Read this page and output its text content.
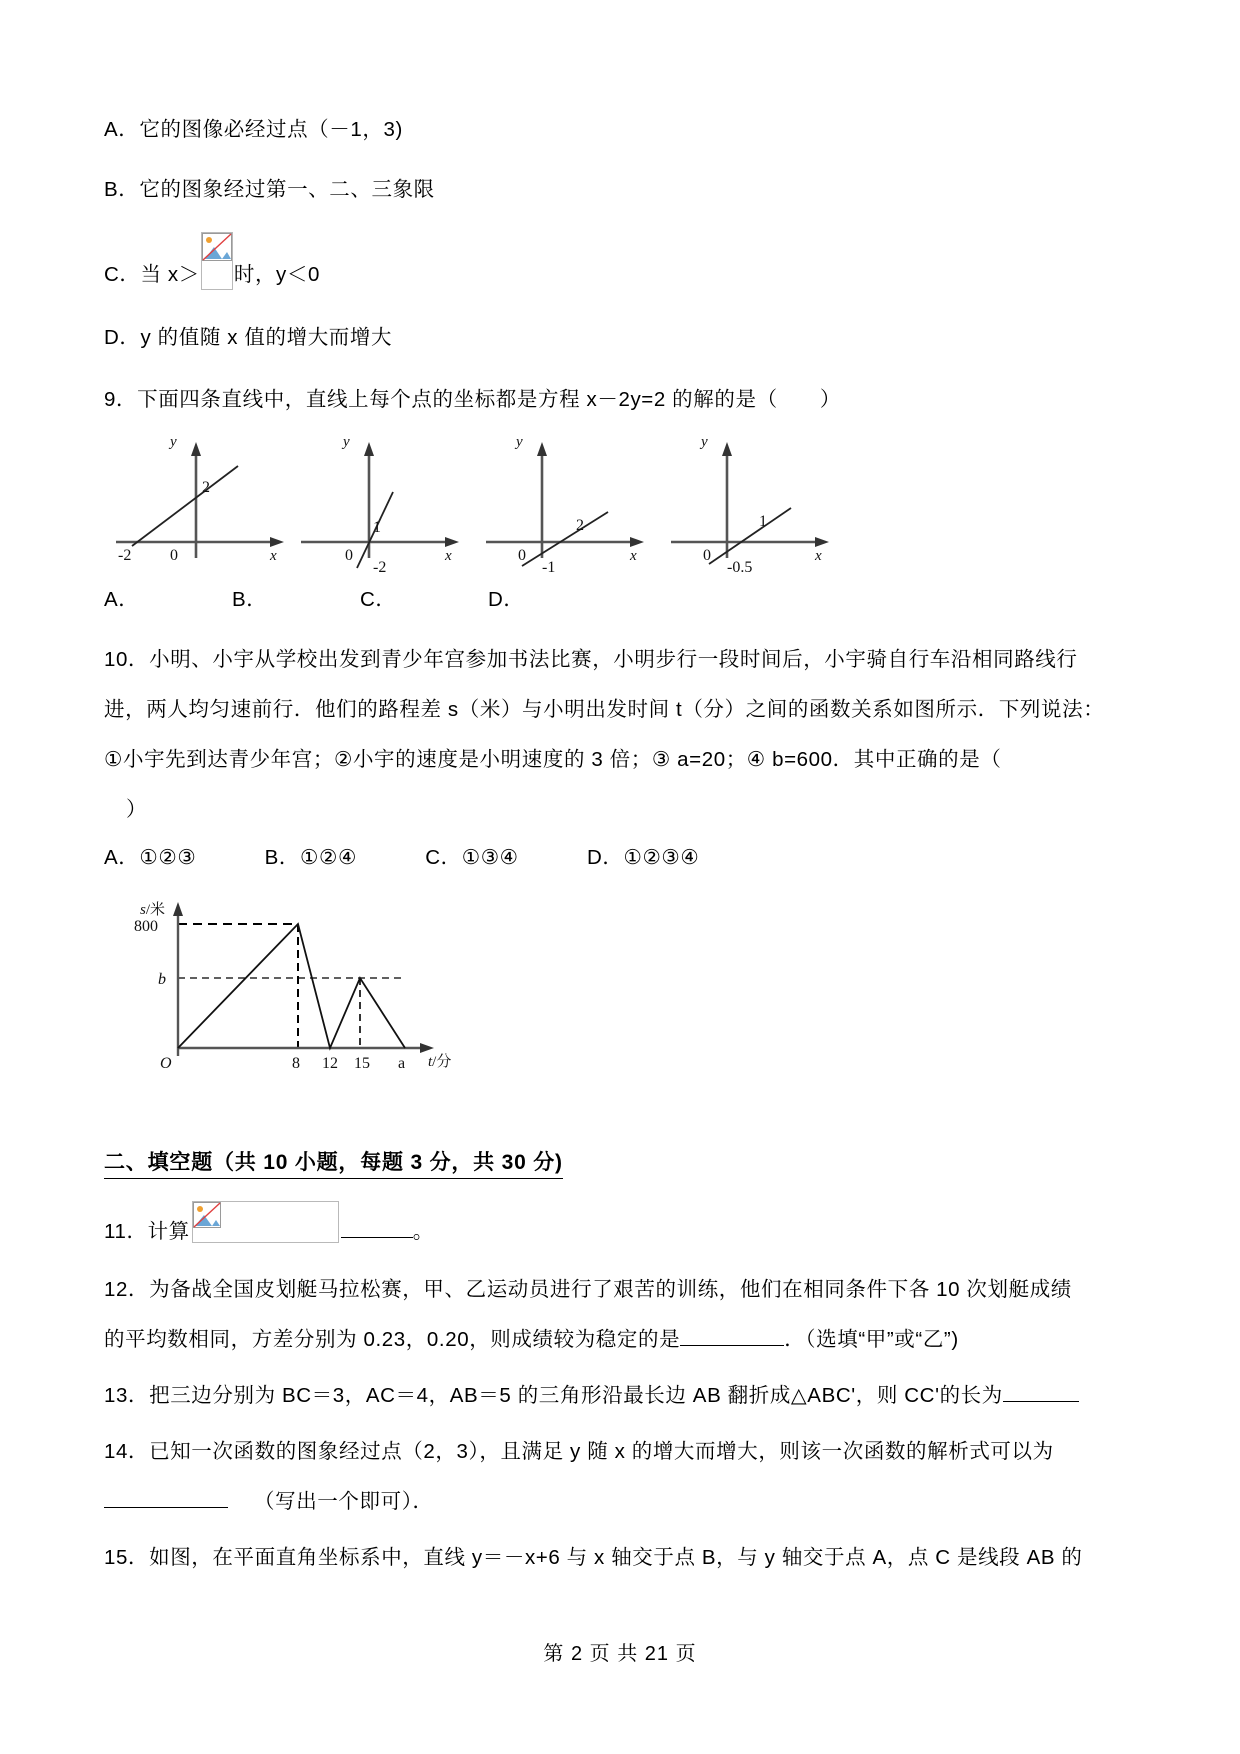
A．它的图像必经过点（－1，3)

B．它的图象经过第一、二、三象限

C．当 x＞ 时，y＜0

D．y 的值随 x 值的增大而增大

9．下面四条直线中，直线上每个点的坐标都是方程 x－2y=2 的解的是（　　）

y
x
2
-2 0
y
x
1
0
-2
y
x
2
0
-1
y
x
1
0
-0.5
A．	B．	C．	D．

10．小明、小宇从学校出发到青少年宫参加书法比赛，小明步行一段时间后，小宇骑自行车沿相同路线行

进，两人均匀速前行．他们的路程差 s（米）与小明出发时间 t（分）之间的函数关系如图所示．下列说法：

①小宇先到达青少年宫；②小宇的速度是小明速度的 3 倍；③ a=20；④ b=600．其中正确的是（

）

A．①②③	B．①②④	C．①③④	D．①②③④
s/米
800
b
O	8 12 15 a t/分
二、填空题（共 10 小题，每题 3 分，共 30 分)

11．计算	。

12．为备战全国皮划艇马拉松赛，甲、乙运动员进行了艰苦的训练，他们在相同条件下各 10 次划艇成绩

的平均数相同，方差分别为 0.23，0.20，则成绩较为稳定的是	．（选填“甲”或“乙”)

13．把三边分别为 BC＝3，AC＝4，AB＝5 的三角形沿最长边 AB 翻折成△ABC'，则 CC'的长为

14．已知一次函数的图象经过点（2，3），且满足 y 随 x 的增大而增大，则该一次函数的解析式可以为

（写出一个即可）．

15．如图，在平面直角坐标系中，直线 y＝－x+6 与 x 轴交于点 B，与 y 轴交于点 A，点 C 是线段 AB 的

第 2 页 共 21 页
